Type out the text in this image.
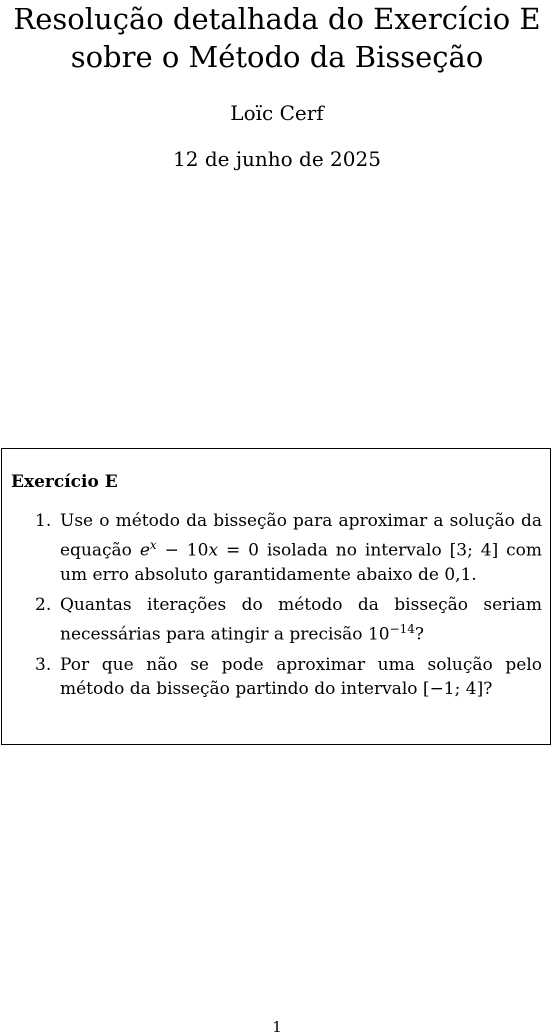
Resolução detalhada do Exercício E
sobre o Método da Bisseção
Loïc Cerf
12 de junho de 2025
Exercício E
1. Use o método da bisseção para aproximar a solução da equação $e^x - 10x = 0$ isolada no intervalo [3; 4] com um erro absoluto garantidamente abaixo de 0,1.
2. Quantas iterações do método da bisseção seriam necessárias para atingir a precisão $10^{-14}$?
3. Por que não se pode aproximar uma solução pelo método da bisseção partindo do intervalo [−1; 4]?
1
